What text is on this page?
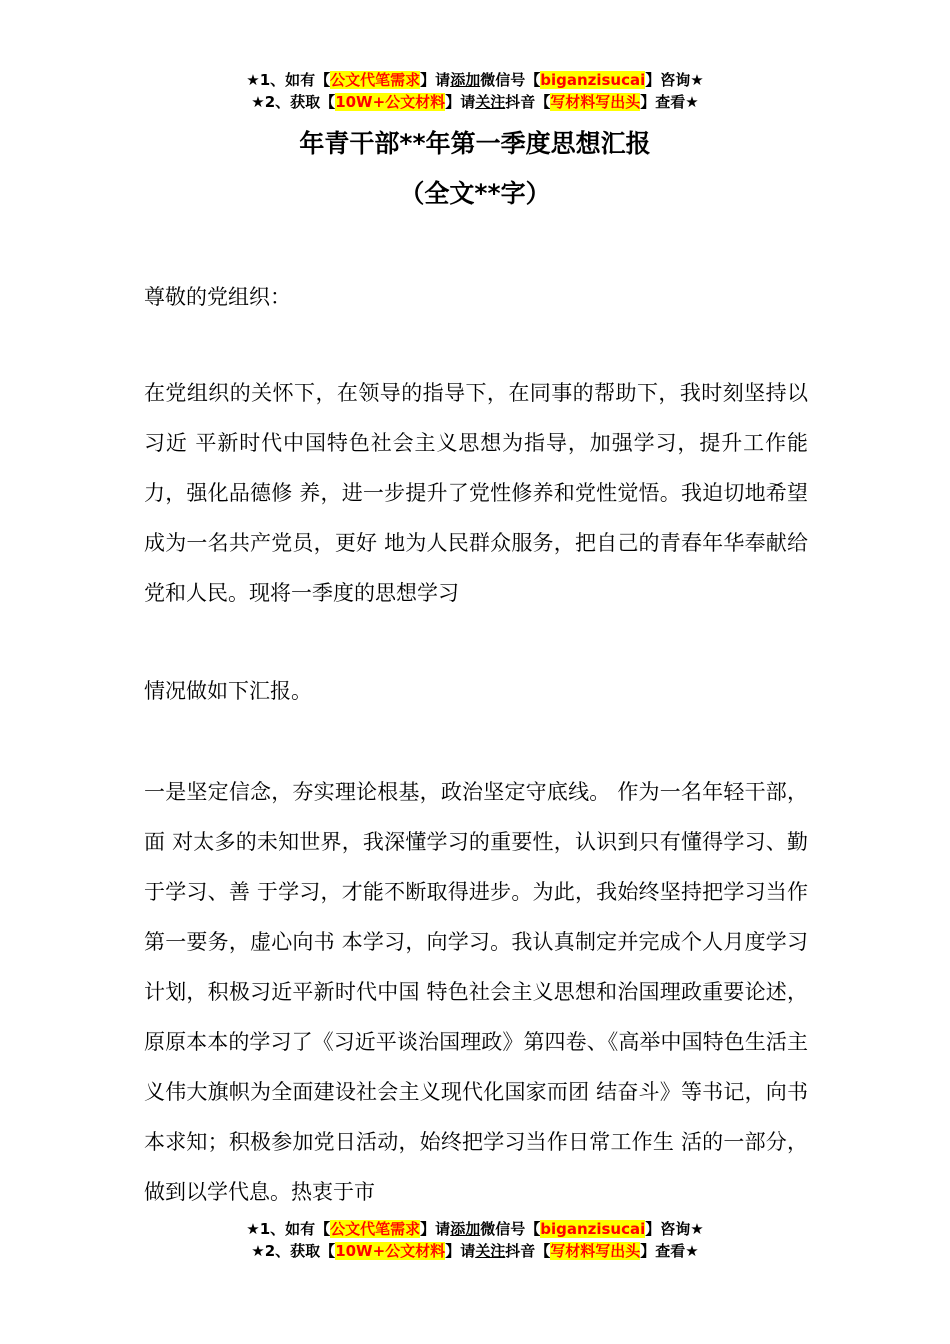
★1、如有【公文代笔需求】请添加微信号【biganzisucai】咨询★
★2、获取【10W+公文材料】请关注抖音【写材料写出头】查看★
年青干部**年第一季度思想汇报
（全文**字）
尊敬的党组织：

在党组织的关怀下，在领导的指导下，在同事的帮助下，我时刻坚持以习近 平新时代中国特色社会主义思想为指导，加强学习，提升工作能力，强化品德修 养，进一步提升了党性修养和党性觉悟。我迫切地希望成为一名共产党员，更好 地为人民群众服务，把自己的青春年华奉献给党和人民。现将一季度的思想学习

情况做如下汇报。

一是坚定信念，夯实理论根基，政治坚定守底线。 作为一名年轻干部，面 对太多的未知世界，我深懂学习的重要性，认识到只有懂得学习、勤于学习、善 于学习，才能不断取得进步。为此，我始终坚持把学习当作第一要务，虚心向书 本学习，向学习。我认真制定并完成个人月度学习计划，积极习近平新时代中国 特色社会主义思想和治国理政重要论述，原原本本的学习了《习近平谈治国理政》第四卷、《高举中国特色生活主义伟大旗帜为全面建设社会主义现代化国家而团 结奋斗》等书记，向书本求知；积极参加党日活动，始终把学习当作日常工作生 活的一部分，做到以学代息。热衷于市

★1、如有【公文代笔需求】请添加微信号【biganzisucai】咨询★
★2、获取【10W+公文材料】请关注抖音【写材料写出头】查看★
